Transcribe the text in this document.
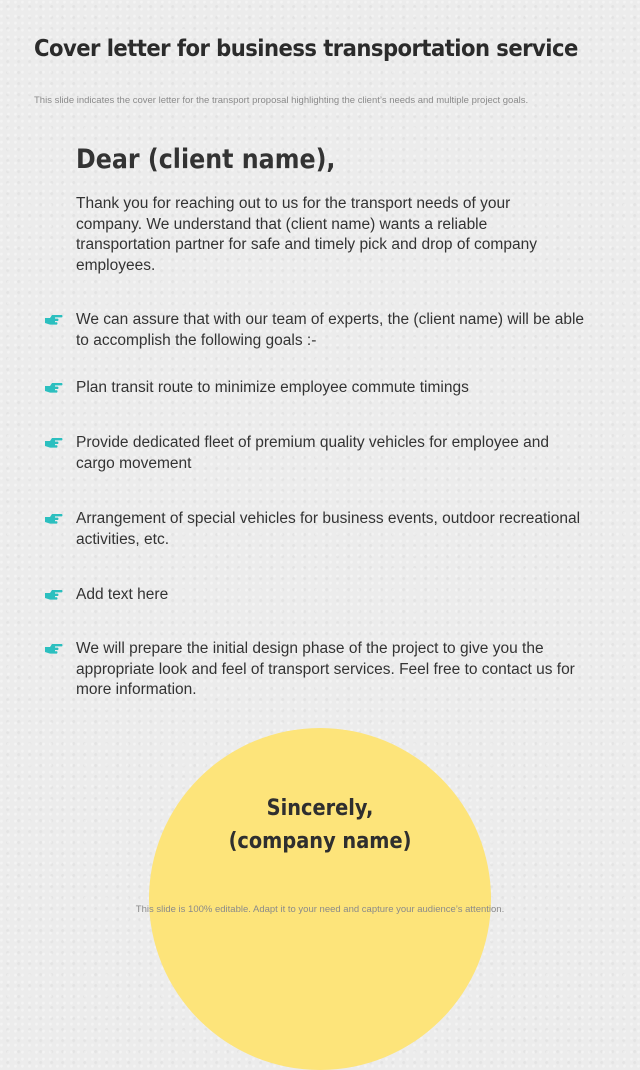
Cover letter for business transportation service
This slide indicates the cover letter for the transport proposal highlighting the client’s needs and multiple project goals.
Dear (client name),
Thank you for reaching out to us for the transport needs of your company. We understand that (client name) wants a reliable transportation partner for safe and timely pick and drop of company employees.
We can assure that with our team of experts, the (client name) will be able to accomplish the following goals :-
Plan transit route to minimize employee commute timings
Provide dedicated fleet of premium quality vehicles for employee and cargo movement
Arrangement of special vehicles for business events, outdoor recreational activities, etc.
Add text here
We will prepare the initial design phase of the project to give you the appropriate look and feel of transport services. Feel free to contact us for more information.
Sincerely,
(company name)
This slide is 100% editable. Adapt it to your need and capture your audience’s attention.
